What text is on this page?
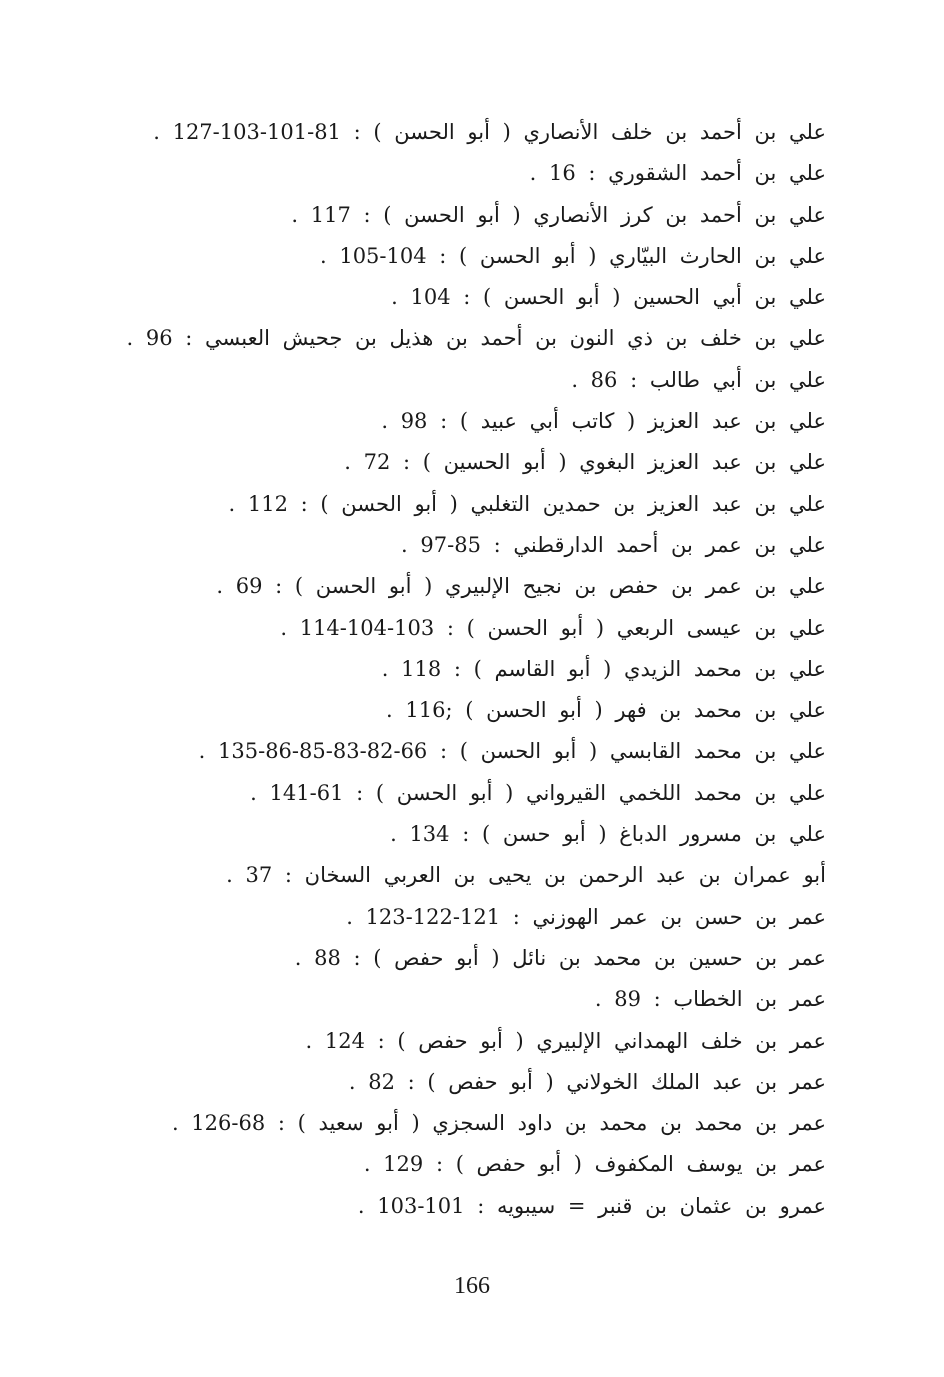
علي بن أحمد بن خلف الأنصاري ( أبو الحسن ) : 81-101-103-127 .
علي بن أحمد الشقوري : 16 .
علي بن أحمد بن كرز الأنصاري ( أبو الحسن ) : 117 .
علي بن الحارث البيّاري ( أبو الحسن ) : 104-105 .
علي بن أبي الحسين ( أبو الحسن ) : 104 .
علي بن خلف بن ذي النون بن أحمد بن هذيل بن جحيش العبسي : 96 .
علي بن أبي طالب : 86 .
علي بن عبد العزيز ( كاتب أبي عبيد ) : 98 .
علي بن عبد العزيز البغوي ( أبو الحسين ) : 72 .
علي بن عبد العزيز بن حمدين التغلبي ( أبو الحسن ) : 112 .
علي بن عمر بن أحمد الدارقطني : 85-97 .
علي بن عمر بن حفص بن نجيح الإلبيري ( أبو الحسن ) : 69 .
علي بن عيسى الربعي ( أبو الحسن ) : 103-104-114 .
علي بن محمد الزيدي ( أبو القاسم ) : 118 .
علي بن محمد بن فهر ( أبو الحسن ) ;116 .
علي بن محمد القابسي ( أبو الحسن ) : 66-82-83-85-86-135 .
علي بن محمد اللخمي القيرواني ( أبو الحسن ) : 61-141 .
علي بن مسرور الدباغ ( أبو حسن ) : 134 .
أبو عمران بن عبد الرحمن بن يحيى بن العربي السخان : 37 .
عمر بن حسن بن عمر الهوزني : 121-122-123 .
عمر بن حسين بن محمد بن نائل ( أبو حفص ) : 88 .
عمر بن الخطاب : 89 .
عمر بن خلف الهمداني الإلبيري ( أبو حفص ) : 124 .
عمر بن عبد الملك الخولاني ( أبو حفص ) : 82 .
عمر بن محمد بن محمد بن داود السجزي ( أبو سعيد ) : 68-126 .
عمر بن يوسف المكفوف ( أبو حفص ) : 129 .
عمرو بن عثمان بن قنبر = سيبويه : 101-103 .
166
